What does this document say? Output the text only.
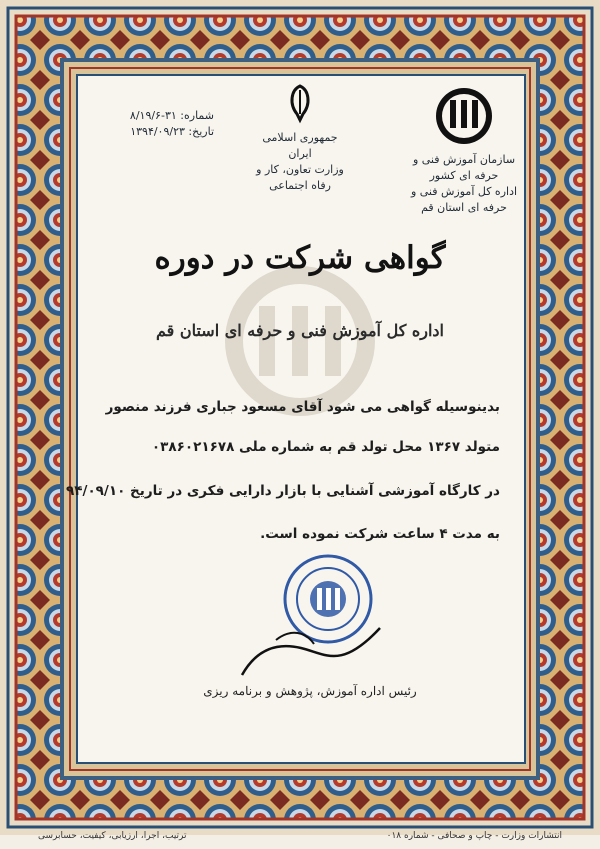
شماره: ۳۱-۸/۱۹/۶
تاریخ: ۱۳۹۴/۰۹/۲۳	جمهوری اسلامی ایران
وزارت تعاون، کار و رفاه اجتماعی
سازمان آموزش فنی و حرفه ای کشور
اداره کل آموزش فنی و حرفه ای استان قم
گواهی شرکت در دوره
اداره کل آموزش فنی و حرفه ای استان قم
بدینوسیله گواهی می شود آقای مسعود جباری فرزند منصور
متولد ۱۳۶۷ محل تولد قم به شماره ملی ۰۳۸۶۰۲۱۶۷۸
در کارگاه آموزشی آشنایی با بازار دارایی فکری در تاریخ ۹۴/۰۹/۱۰
به مدت ۴ ساعت شرکت نموده است.
رئیس اداره آموزش، پژوهش و برنامه ریزی
ترتیب، اجرا، ارزیابی، کیفیت، حسابرسی	انتشارات وزارت - چاپ و صحافی - شماره ۰۱۸
